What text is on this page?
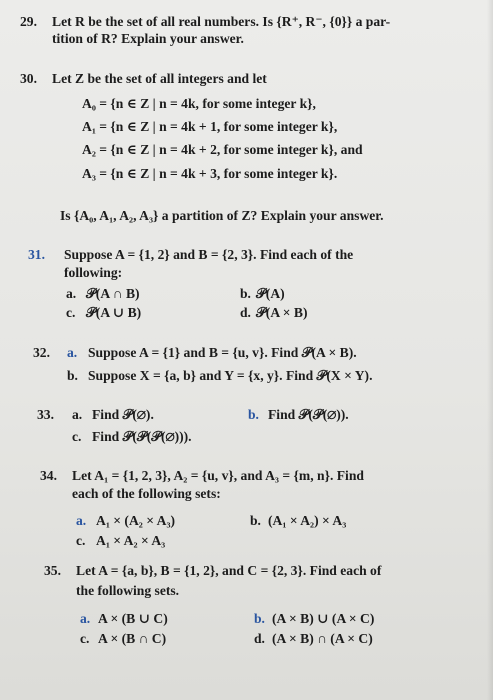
29. Let R be the set of all real numbers. Is {R⁺, R⁻, {0}} a par-
tition of R? Explain your answer.
30. Let Z be the set of all integers and let
A₀ = {n ∈ Z | n = 4k, for some integer k},
A₁ = {n ∈ Z | n = 4k + 1, for some integer k},
A₂ = {n ∈ Z | n = 4k + 2, for some integer k}, and
A₃ = {n ∈ Z | n = 4k + 3, for some integer k}.
Is {A₀, A₁, A₂, A₃} a partition of Z? Explain your answer.
31. Suppose A = {1, 2} and B = {2, 3}. Find each of the
following:
a. 𝒫(A ∩ B)	b. 𝒫(A)
c. 𝒫(A ∪ B)	d. 𝒫(A × B)
32. a. Suppose A = {1} and B = {u, v}. Find 𝒫(A × B).
b. Suppose X = {a, b} and Y = {x, y}. Find 𝒫(X × Y).
33. a. Find 𝒫(∅).	b. Find 𝒫(𝒫(∅)).
c. Find 𝒫(𝒫(𝒫(∅))).
34. Let A₁ = {1, 2, 3}, A₂ = {u, v}, and A₃ = {m, n}. Find
each of the following sets:
a. A₁ × (A₂ × A₃)	b. (A₁ × A₂) × A₃
c. A₁ × A₂ × A₃
35. Let A = {a, b}, B = {1, 2}, and C = {2, 3}. Find each of
the following sets.
a. A × (B ∪ C)	b. (A × B) ∪ (A × C)
c. A × (B ∩ C)	d. (A × B) ∩ (A × C)
